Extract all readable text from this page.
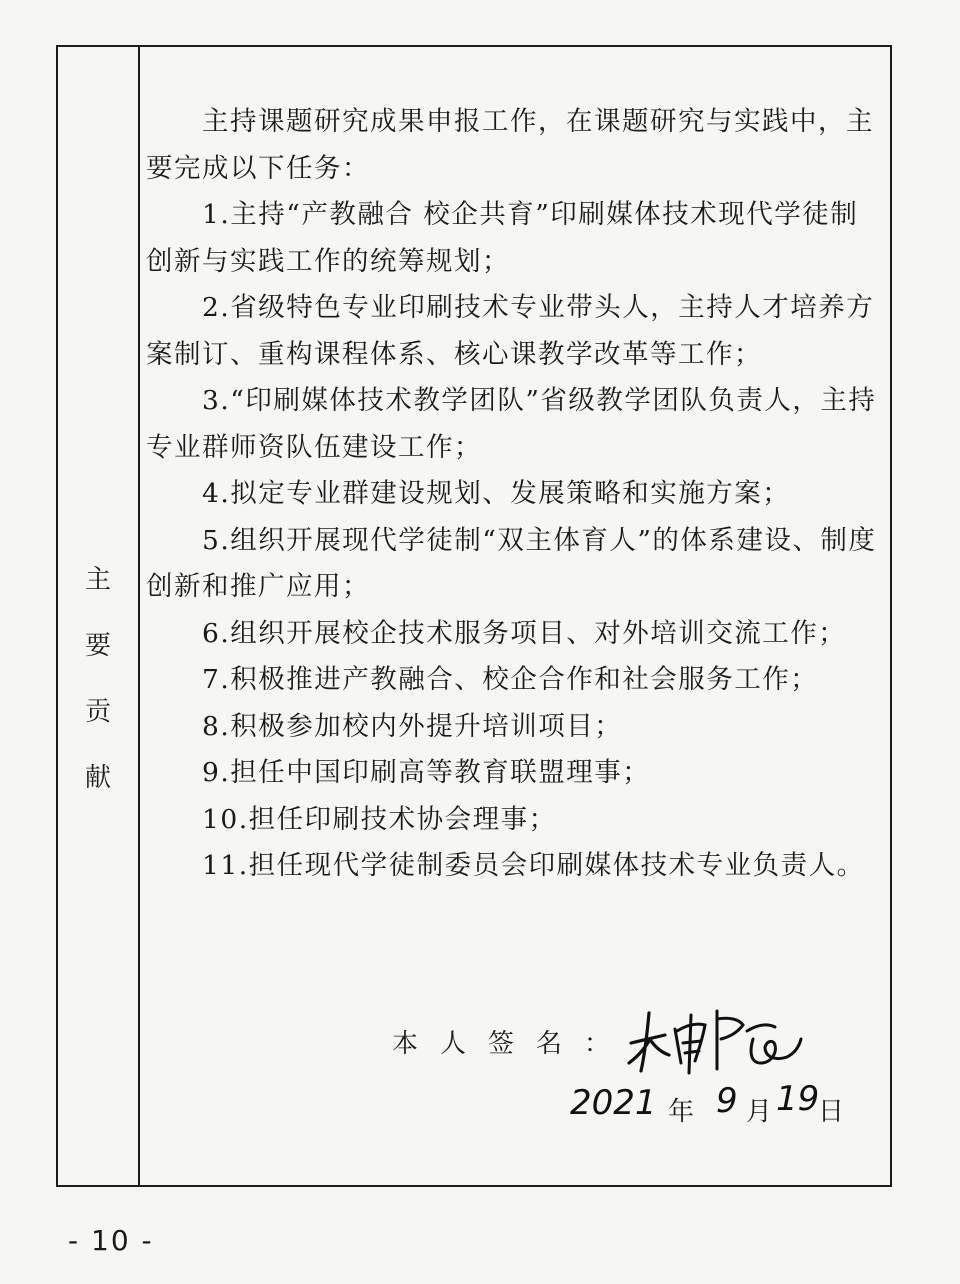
主
要
贡
献

主持课题研究成果申报工作，在课题研究与实践中，主要完成以下任务：

1.主持“产教融合 校企共育”印刷媒体技术现代学徒制创新与实践工作的统筹规划；

2.省级特色专业印刷技术专业带头人，主持人才培养方案制订、重构课程体系、核心课教学改革等工作；

3.“印刷媒体技术教学团队”省级教学团队负责人，主持专业群师资队伍建设工作；

4.拟定专业群建设规划、发展策略和实施方案；

5.组织开展现代学徒制“双主体育人”的体系建设、制度创新和推广应用；

6.组织开展校企技术服务项目、对外培训交流工作；

7.积极推进产教融合、校企合作和社会服务工作；

8.积极参加校内外提升培训项目；

9.担任中国印刷高等教育联盟理事；

10.担任印刷技术协会理事；

11.担任现代学徒制委员会印刷媒体技术专业负责人。

本人签名：
2021 年 9 月 19
日
- 10 -
